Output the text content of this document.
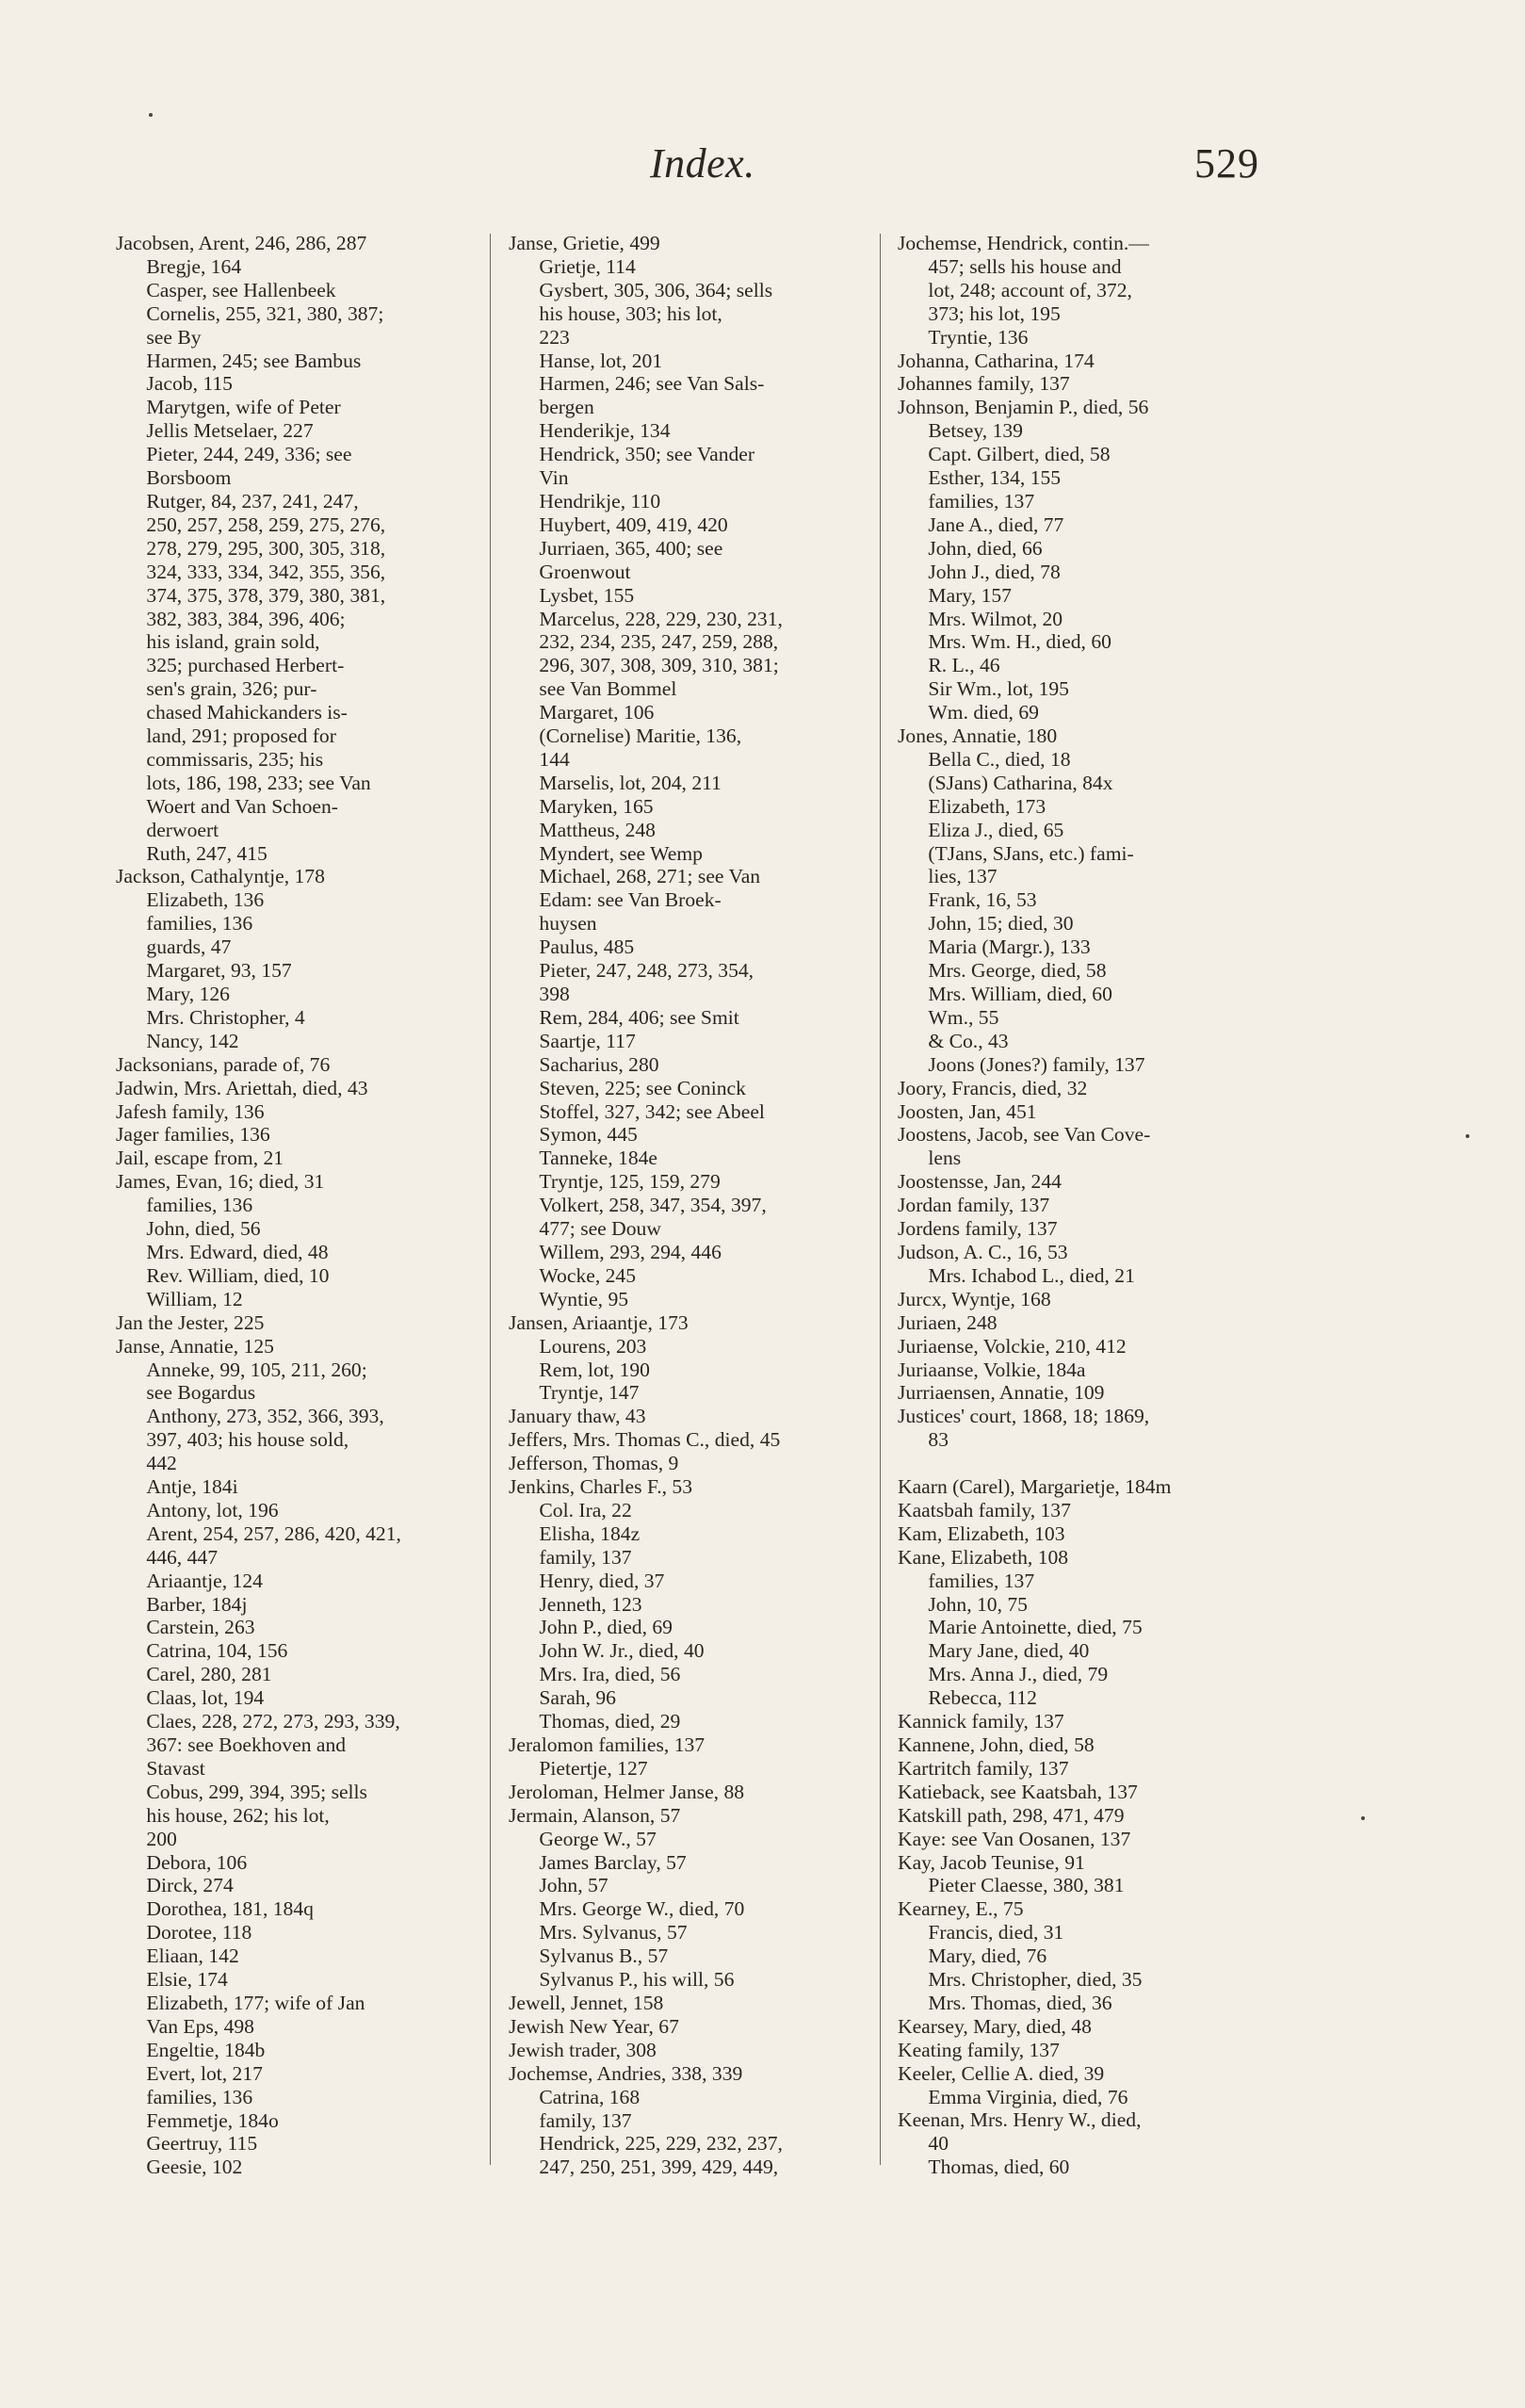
Index.	529
Jacobsen, Arent, 246, 286, 287
Bregje, 164
Casper, see Hallenbeek
Cornelis, 255, 321, 380, 387;
see By
Harmen, 245; see Bambus
Jacob, 115
Marytgen, wife of Peter
Jellis Metselaer, 227
Pieter, 244, 249, 336; see
Borsboom
Rutger, 84, 237, 241, 247,
250, 257, 258, 259, 275, 276,
278, 279, 295, 300, 305, 318,
324, 333, 334, 342, 355, 356,
374, 375, 378, 379, 380, 381,
382, 383, 384, 396, 406;
his island, grain sold,
325; purchased Herbert-
sen's grain, 326; pur-
chased Mahickanders is-
land, 291; proposed for
commissaris, 235; his
lots, 186, 198, 233; see Van
Woert and Van Schoen-
derwoert
Ruth, 247, 415
Jackson, Cathalyntje, 178
Elizabeth, 136
families, 136
guards, 47
Margaret, 93, 157
Mary, 126
Mrs. Christopher, 4
Nancy, 142
Jacksonians, parade of, 76
Jadwin, Mrs. Ariettah, died, 43
Jafesh family, 136
Jager families, 136
Jail, escape from, 21
James, Evan, 16; died, 31
families, 136
John, died, 56
Mrs. Edward, died, 48
Rev. William, died, 10
William, 12
Jan the Jester, 225
Janse, Annatie, 125
Anneke, 99, 105, 211, 260;
see Bogardus
Anthony, 273, 352, 366, 393,
397, 403; his house sold,
442
Antje, 184i
Antony, lot, 196
Arent, 254, 257, 286, 420, 421,
446, 447
Ariaantje, 124
Barber, 184j
Carstein, 263
Catrina, 104, 156
Carel, 280, 281
Claas, lot, 194
Claes, 228, 272, 273, 293, 339,
367: see Boekhoven and
Stavast
Cobus, 299, 394, 395; sells
his house, 262; his lot,
200
Debora, 106
Dirck, 274
Dorothea, 181, 184q
Dorotee, 118
Eliaan, 142
Elsie, 174
Elizabeth, 177; wife of Jan
Van Eps, 498
Engeltie, 184b
Evert, lot, 217
families, 136
Femmetje, 184o
Geertruy, 115
Geesie, 102
Janse, Grietie, 499
Grietje, 114
Gysbert, 305, 306, 364; sells
his house, 303; his lot,
223
Hanse, lot, 201
Harmen, 246; see Van Sals-
bergen
Henderikje, 134
Hendrick, 350; see Vander
Vin
Hendrikje, 110
Huybert, 409, 419, 420
Jurriaen, 365, 400; see
Groenwout
Lysbet, 155
Marcelus, 228, 229, 230, 231,
232, 234, 235, 247, 259, 288,
296, 307, 308, 309, 310, 381;
see Van Bommel
Margaret, 106
(Cornelise) Maritie, 136,
144
Marselis, lot, 204, 211
Maryken, 165
Mattheus, 248
Myndert, see Wemp
Michael, 268, 271; see Van
Edam: see Van Broek-
huysen
Paulus, 485
Pieter, 247, 248, 273, 354,
398
Rem, 284, 406; see Smit
Saartje, 117
Sacharius, 280
Steven, 225; see Coninck
Stoffel, 327, 342; see Abeel
Symon, 445
Tanneke, 184e
Tryntje, 125, 159, 279
Volkert, 258, 347, 354, 397,
477; see Douw
Willem, 293, 294, 446
Wocke, 245
Wyntie, 95
Jansen, Ariaantje, 173
Lourens, 203
Rem, lot, 190
Tryntje, 147
January thaw, 43
Jeffers, Mrs. Thomas C., died, 45
Jefferson, Thomas, 9
Jenkins, Charles F., 53
Col. Ira, 22
Elisha, 184z
family, 137
Henry, died, 37
Jenneth, 123
John P., died, 69
John W. Jr., died, 40
Mrs. Ira, died, 56
Sarah, 96
Thomas, died, 29
Jeralomon families, 137
Pietertje, 127
Jeroloman, Helmer Janse, 88
Jermain, Alanson, 57
George W., 57
James Barclay, 57
John, 57
Mrs. George W., died, 70
Mrs. Sylvanus, 57
Sylvanus B., 57
Sylvanus P., his will, 56
Jewell, Jennet, 158
Jewish New Year, 67
Jewish trader, 308
Jochemse, Andries, 338, 339
Catrina, 168
family, 137
Hendrick, 225, 229, 232, 237,
247, 250, 251, 399, 429, 449,
Jochemse, Hendrick, contin.—
457; sells his house and
lot, 248; account of, 372,
373; his lot, 195
Tryntie, 136
Johanna, Catharina, 174
Johannes family, 137
Johnson, Benjamin P., died, 56
Betsey, 139
Capt. Gilbert, died, 58
Esther, 134, 155
families, 137
Jane A., died, 77
John, died, 66
John J., died, 78
Mary, 157
Mrs. Wilmot, 20
Mrs. Wm. H., died, 60
R. L., 46
Sir Wm., lot, 195
Wm. died, 69
Jones, Annatie, 180
Bella C., died, 18
(SJans) Catharina, 84x
Elizabeth, 173
Eliza J., died, 65
(TJans, SJans, etc.) fami-
lies, 137
Frank, 16, 53
John, 15; died, 30
Maria (Margr.), 133
Mrs. George, died, 58
Mrs. William, died, 60
Wm., 55
& Co., 43
Joons (Jones?) family, 137
Joory, Francis, died, 32
Joosten, Jan, 451
Joostens, Jacob, see Van Cove-
lens
Joostensse, Jan, 244
Jordan family, 137
Jordens family, 137
Judson, A. C., 16, 53
Mrs. Ichabod L., died, 21
Jurcx, Wyntje, 168
Juriaen, 248
Juriaense, Volckie, 210, 412
Juriaanse, Volkie, 184a
Jurriaensen, Annatie, 109
Justices' court, 1868, 18; 1869,
83
Kaarn (Carel), Margarietje, 184m
Kaatsbah family, 137
Kam, Elizabeth, 103
Kane, Elizabeth, 108
families, 137
John, 10, 75
Marie Antoinette, died, 75
Mary Jane, died, 40
Mrs. Anna J., died, 79
Rebecca, 112
Kannick family, 137
Kannene, John, died, 58
Kartritch family, 137
Katieback, see Kaatsbah, 137
Katskill path, 298, 471, 479
Kaye: see Van Oosanen, 137
Kay, Jacob Teunise, 91
Pieter Claesse, 380, 381
Kearney, E., 75
Francis, died, 31
Mary, died, 76
Mrs. Christopher, died, 35
Mrs. Thomas, died, 36
Kearsey, Mary, died, 48
Keating family, 137
Keeler, Cellie A. died, 39
Emma Virginia, died, 76
Keenan, Mrs. Henry W., died,
40
Thomas, died, 60
